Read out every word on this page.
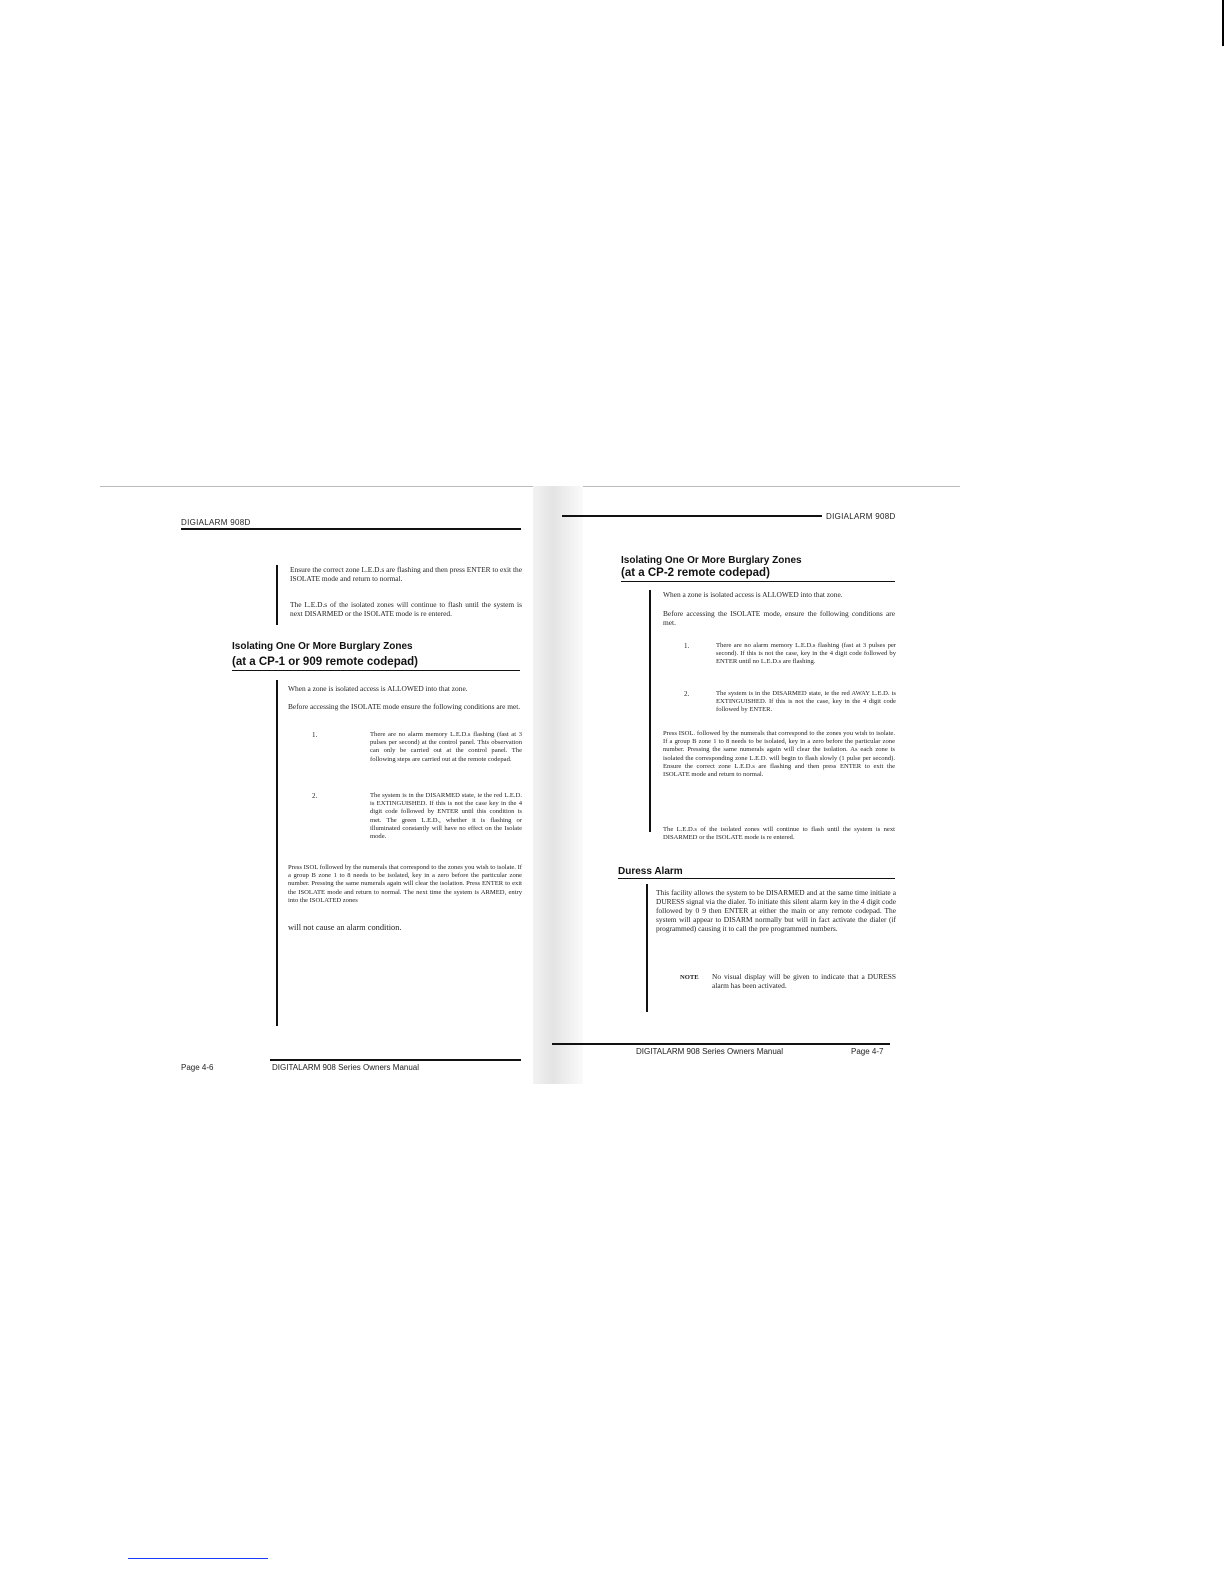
DIGIALARM 908D
Ensure the correct zone L.E.D.s are flashing and then press ENTER to exit the ISOLATE mode and return to normal.
The L.E.D.s of the isolated zones will continue to flash until the system is next DISARMED or the ISOLATE mode is re entered.
Isolating One Or More Burglary Zones
(at a CP-1 or 909 remote codepad)
When a zone is isolated access is ALLOWED into that zone.
Before accessing the ISOLATE mode ensure the following conditions are met.
1.	There are no alarm memory L.E.D.s flashing (fast at 3 pulses per second) at the control panel. This observation can only be carried out at the control panel. The following steps are carried out at the remote codepad.
2.	The system is in the DISARMED state, ie the red L.E.D. is EXTINGUISHED. If this is not the case key in the 4 digit code followed by ENTER until this condition is met. The green L.E.D., whether it is flashing or illuminated constantly will have no effect on the Isolate mode.
Press ISOL followed by the numerals that correspond to the zones you wish to isolate. If a group B zone 1 to 8 needs to be isolated, key in a zero before the particular zone number. Pressing the same numerals again will clear the isolation. Press ENTER to exit the ISOLATE mode and return to normal. The next time the system is ARMED, entry into the ISOLATED zones
will not cause an alarm condition.
Page 4-6	DIGITALARM 908 Series Owners Manual
DIGIALARM 908D
Isolating One Or More Burglary Zones
(at a CP-2 remote codepad)
When a zone is isolated access is ALLOWED into that zone.
Before accessing the ISOLATE mode, ensure the following conditions are met.
1.	There are no alarm memory L.E.D.s flashing (fast at 3 pulses per second). If this is not the case, key in the 4 digit code followed by ENTER until no L.E.D.s are flashing.
2.	The system is in the DISARMED state, ie the red AWAY L.E.D. is EXTINGUISHED. If this is not the case, key in the 4 digit code followed by ENTER.
Press ISOL. followed by the numerals that correspond to the zones you wish to isolate. If a group B zone 1 to 8 needs to be isolated, key in a zero before the particular zone number. Pressing the same numerals again will clear the isolation. As each zone is isolated the corresponding zone L.E.D. will begin to flash slowly (1 pulse per second). Ensure the correct zone L.E.D.s are flashing and then press ENTER to exit the ISOLATE mode and return to normal.
The L.E.D.s of the isolated zones will continue to flash until the system is next DISARMED or the ISOLATE mode is re entered.
Duress Alarm
This facility allows the system to be DISARMED and at the same time initiate a DURESS signal via the dialer. To initiate this silent alarm key in the 4 digit code followed by 0 9 then ENTER at either the main or any remote codepad. The system will appear to DISARM normally but will in fact activate the dialer (if programmed) causing it to call the pre programmed numbers.
NOTE No visual display will be given to indicate that a DURESS alarm has been activated.
DIGITALARM 908 Series Owners Manual	Page 4-7
